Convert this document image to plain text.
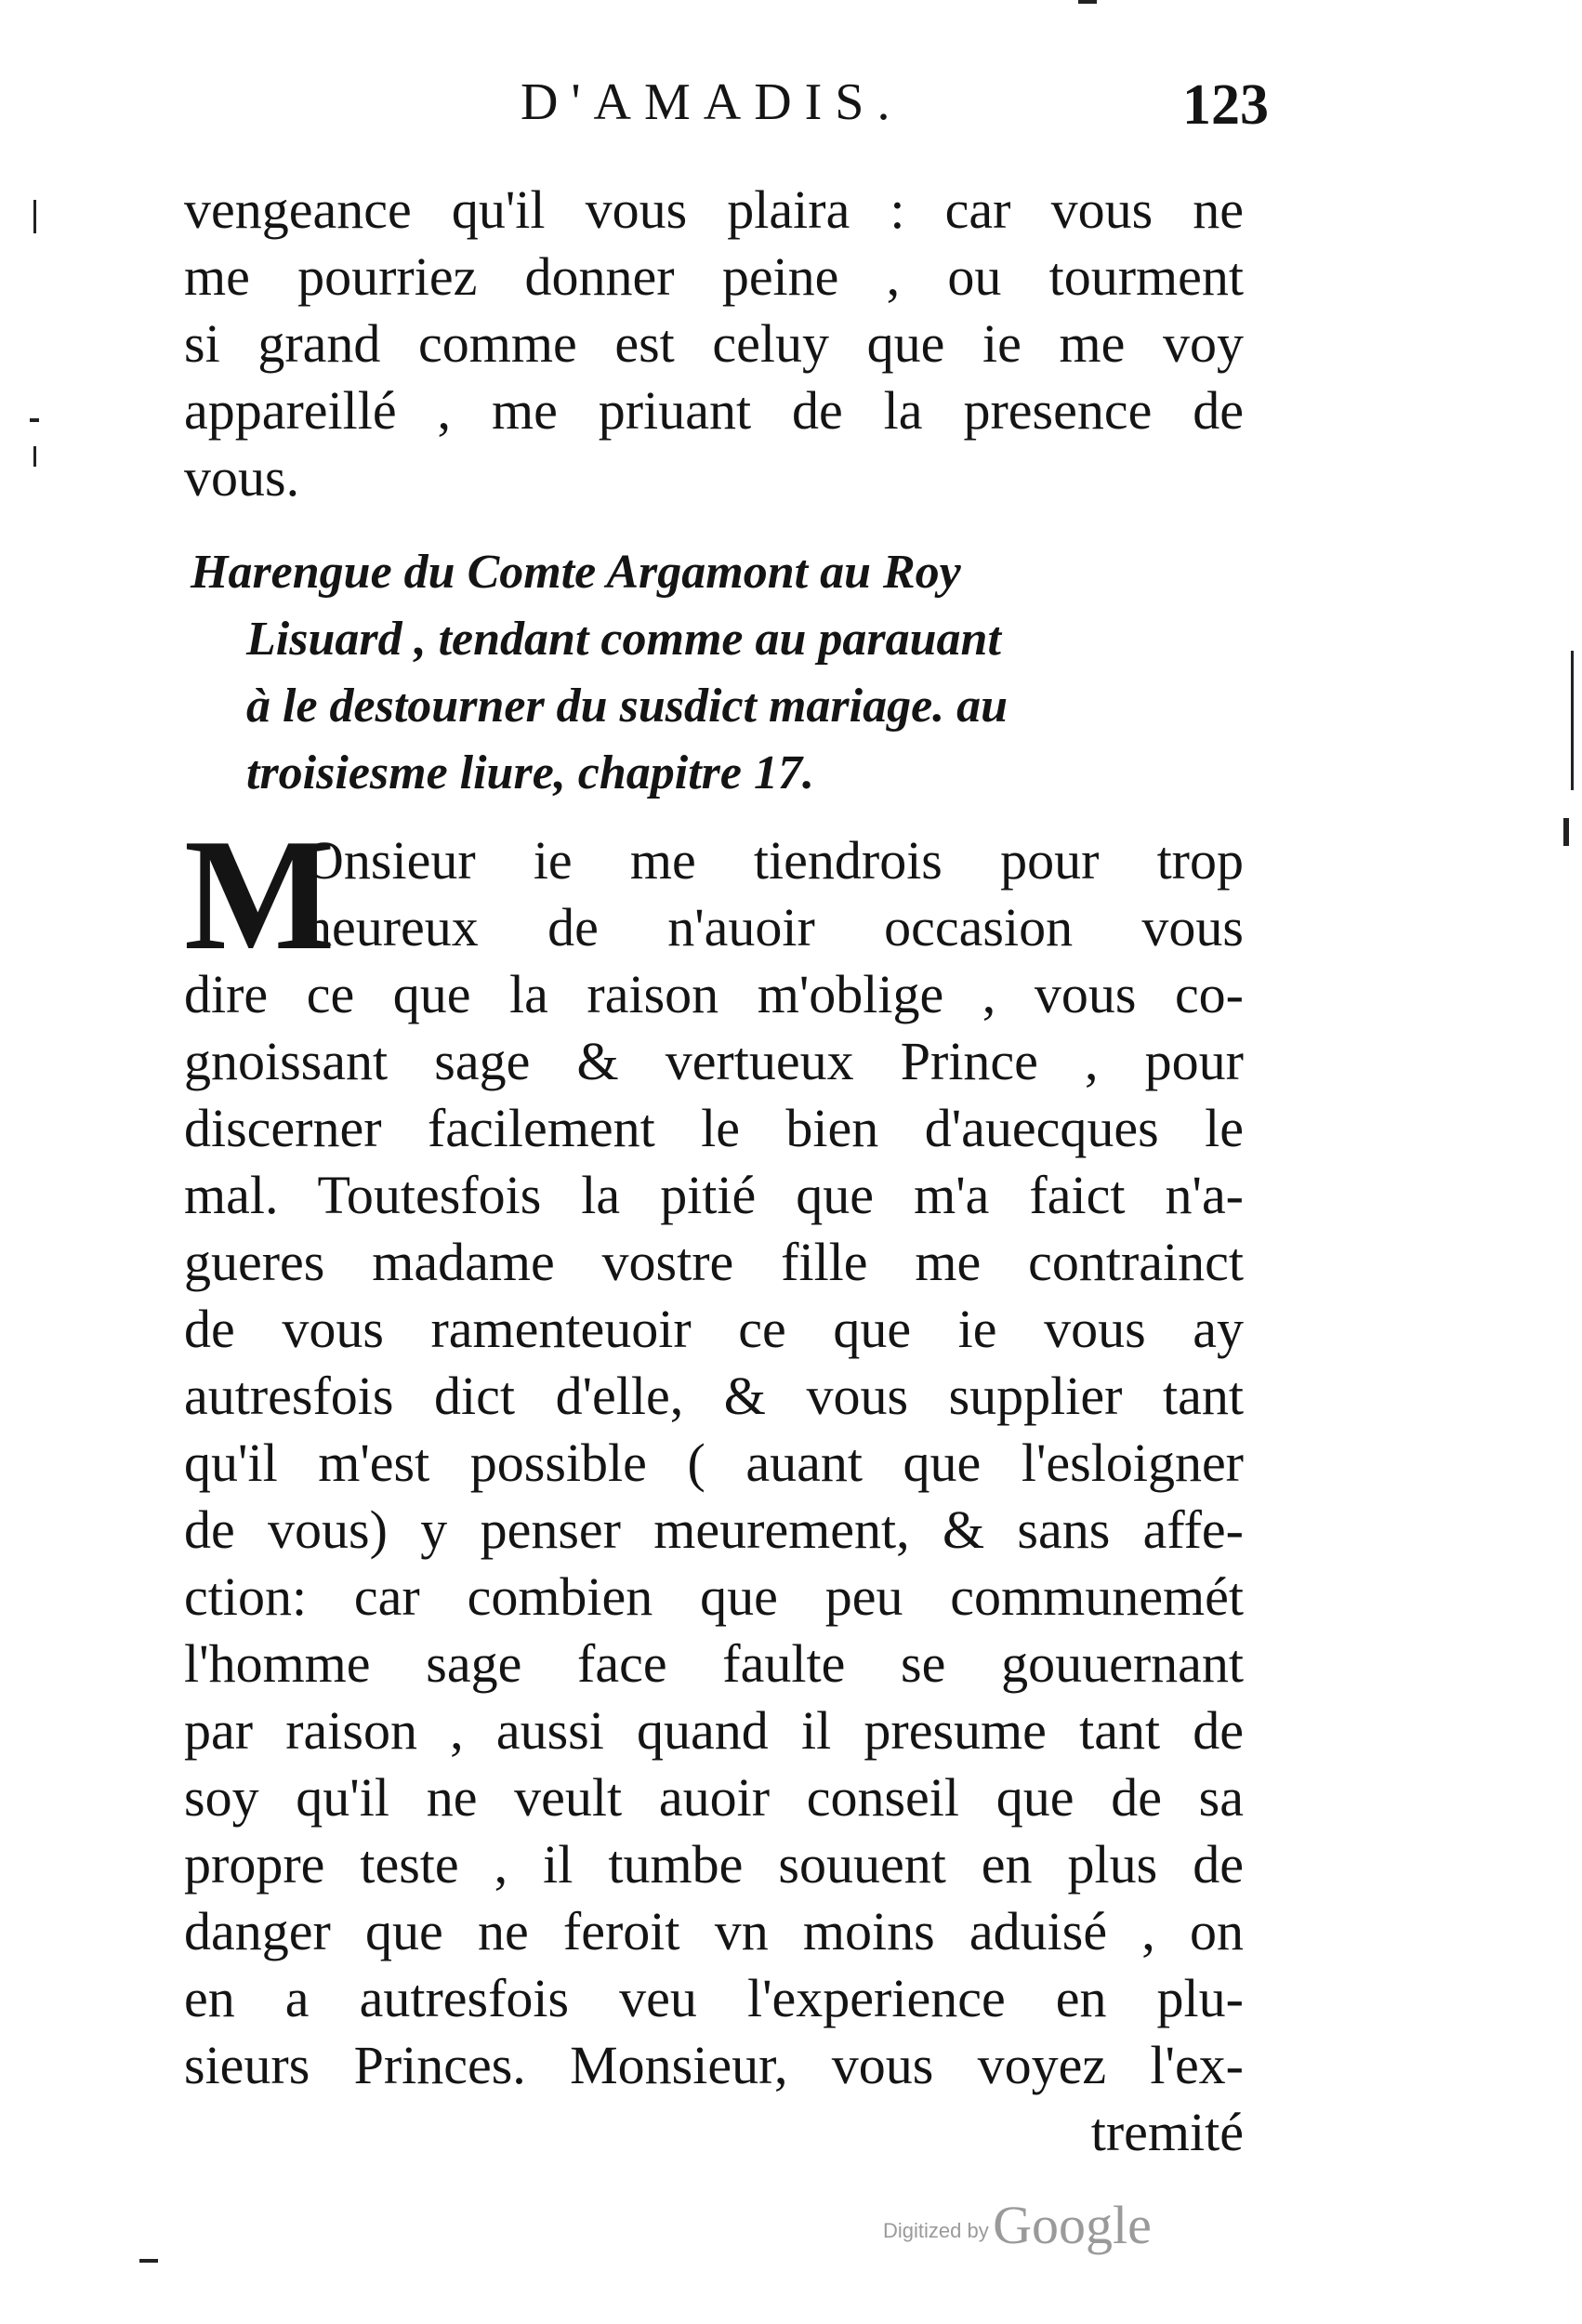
D'AMADIS.	123
vengeance qu'il vous plaira : car vous ne
me pourriez donner peine , ou tourment
si grand comme est celuy que ie me voy
appareillé , me priuant de la presence de
vous.
Harengue du Comte Argamont au Roy
Lisuard , tendant comme au parauant
à le destourner du susdict mariage. au
troisiesme liure, chapitre 17.
M
Onsieur ie me tiendrois pour trop
heureux de n'auoir occasion vous
dire ce que la raison m'oblige , vous co-
gnoissant sage & vertueux Prince , pour
discerner facilement le bien d'auecques le
mal. Toutesfois la pitié que m'a faict n'a-
gueres madame vostre fille me contrainct
de vous ramenteuoir ce que ie vous ay
autresfois dict d'elle, & vous supplier tant
qu'il m'est possible ( auant que l'esloigner
de vous) y penser meurement, & sans affe-
ction: car combien que peu communemét
l'homme sage face faulte se gouuernant
par raison , aussi quand il presume tant de
soy qu'il ne veult auoir conseil que de sa
propre teste , il tumbe souuent en plus de
danger que ne feroit vn moins aduisé , on
en a autresfois veu l'experience en plu-
sieurs Princes. Monsieur, vous voyez l'ex-
tremité
Digitized by Google
